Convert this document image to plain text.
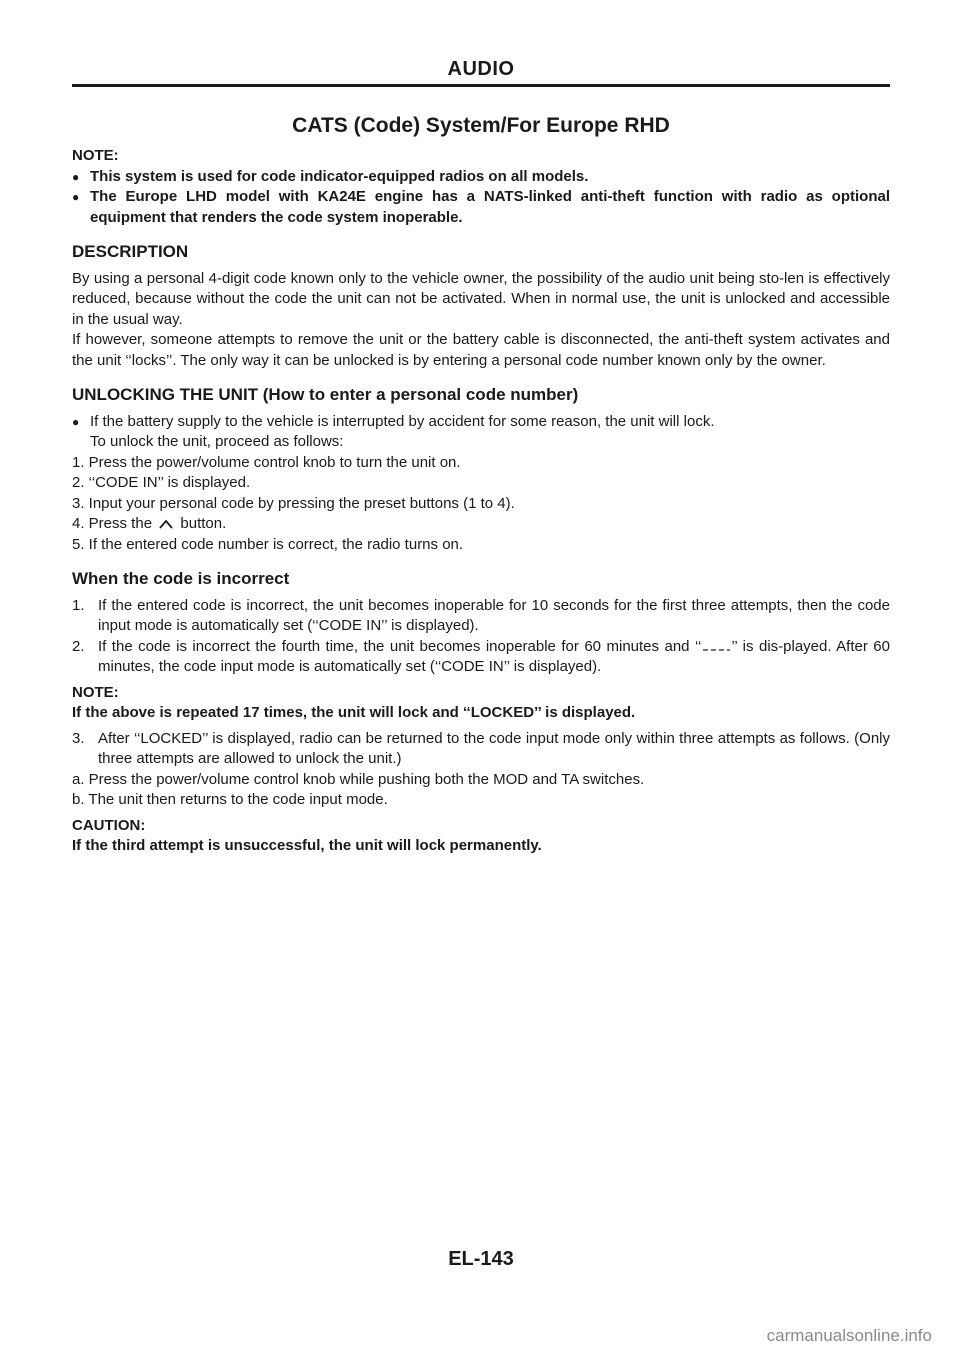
AUDIO
CATS (Code) System/For Europe RHD

NOTE:

● This system is used for code indicator-equipped radios on all models.
● The Europe LHD model with KA24E engine has a NATS-linked anti-theft function with radio as optional equipment that renders the code system inoperable.
DESCRIPTION

By using a personal 4-digit code known only to the vehicle owner, the possibility of the audio unit being sto-len is effectively reduced, because without the code the unit can not be activated. When in normal use, the unit is unlocked and accessible in the usual way.

If however, someone attempts to remove the unit or the battery cable is disconnected, the anti-theft system activates and the unit ‘‘locks’’. The only way it can be unlocked is by entering a personal code number known only by the owner.

UNLOCKING THE UNIT (How to enter a personal code number)
● If the battery supply to the vehicle is interrupted by accident for some reason, the unit will lock.

To unlock the unit, proceed as follows:

1. Press the power/volume control knob to turn the unit on.

2. ‘‘CODE IN’’ is displayed.

3. Input your personal code by pressing the preset buttons (1 to 4).

4. Press the button.

5. If the entered code number is correct, the radio turns on.

When the code is incorrect
1. If the entered code is incorrect, the unit becomes inoperable for 10 seconds for the first three attempts, then the code input mode is automatically set (‘‘CODE IN’’ is displayed).
2. If the code is incorrect the fourth time, the unit becomes inoperable for 60 minutes and ‘‘ ’’ is dis-played. After 60 minutes, the code input mode is automatically set (‘‘CODE IN’’ is displayed).

NOTE:

If the above is repeated 17 times, the unit will lock and ‘‘LOCKED’’ is displayed.

3. After ‘‘LOCKED’’ is displayed, radio can be returned to the code input mode only within three attempts as follows. (Only three attempts are allowed to unlock the unit.)

a. Press the power/volume control knob while pushing both the MOD and TA switches.

b. The unit then returns to the code input mode.

CAUTION:

If the third attempt is unsuccessful, the unit will lock permanently.

EL-143
carmanualsonline.info
